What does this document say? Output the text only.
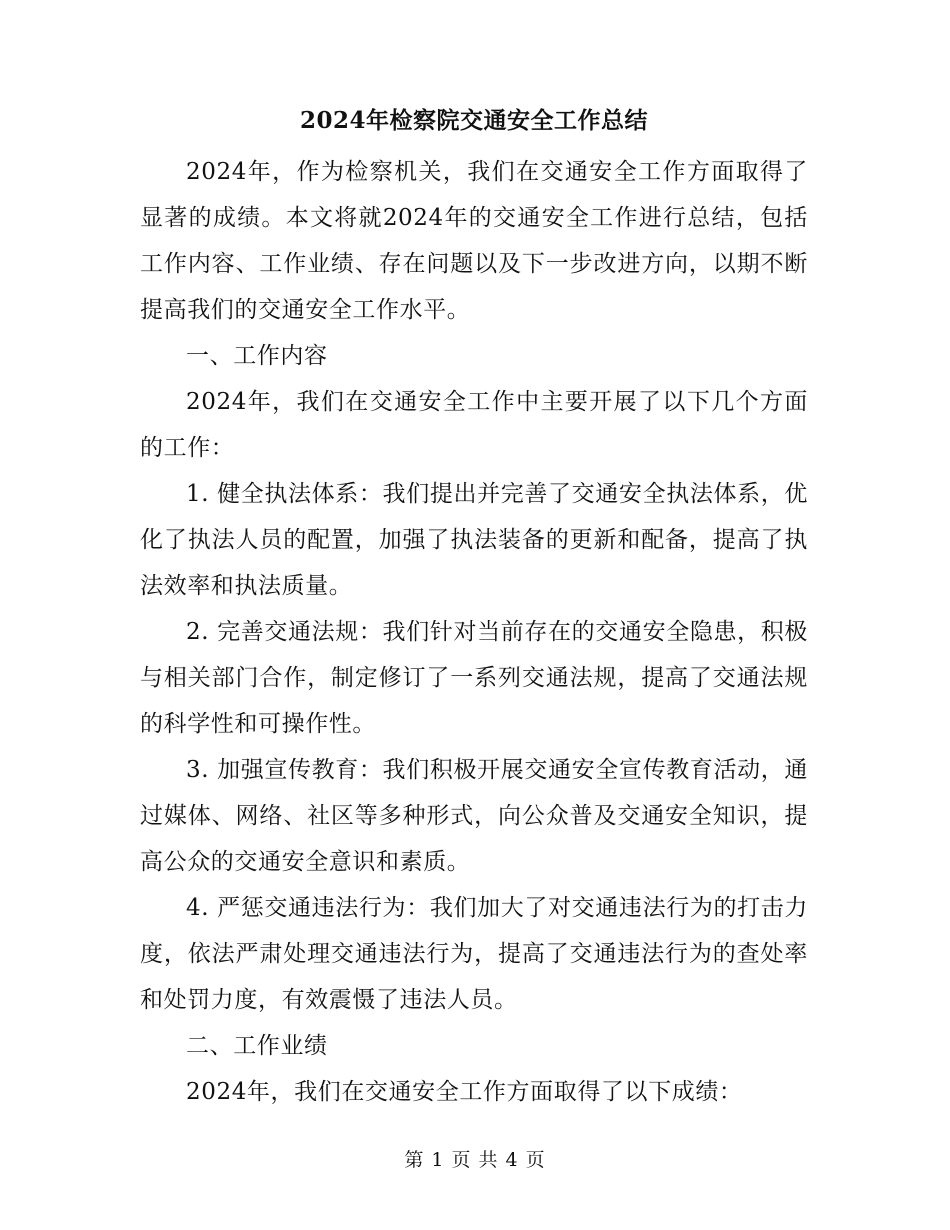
2024年检察院交通安全工作总结

2024年，作为检察机关，我们在交通安全工作方面取得了显著的成绩。本文将就2024年的交通安全工作进行总结，包括工作内容、工作业绩、存在问题以及下一步改进方向，以期不断提高我们的交通安全工作水平。

一、工作内容

2024年，我们在交通安全工作中主要开展了以下几个方面的工作：

1. 健全执法体系：我们提出并完善了交通安全执法体系，优化了执法人员的配置，加强了执法装备的更新和配备，提高了执法效率和执法质量。

2. 完善交通法规：我们针对当前存在的交通安全隐患，积极与相关部门合作，制定修订了一系列交通法规，提高了交通法规的科学性和可操作性。

3. 加强宣传教育：我们积极开展交通安全宣传教育活动，通过媒体、网络、社区等多种形式，向公众普及交通安全知识，提高公众的交通安全意识和素质。

4. 严惩交通违法行为：我们加大了对交通违法行为的打击力度，依法严肃处理交通违法行为，提高了交通违法行为的查处率和处罚力度，有效震慑了违法人员。

二、工作业绩

2024年，我们在交通安全工作方面取得了以下成绩：

第 1 页 共 4 页
